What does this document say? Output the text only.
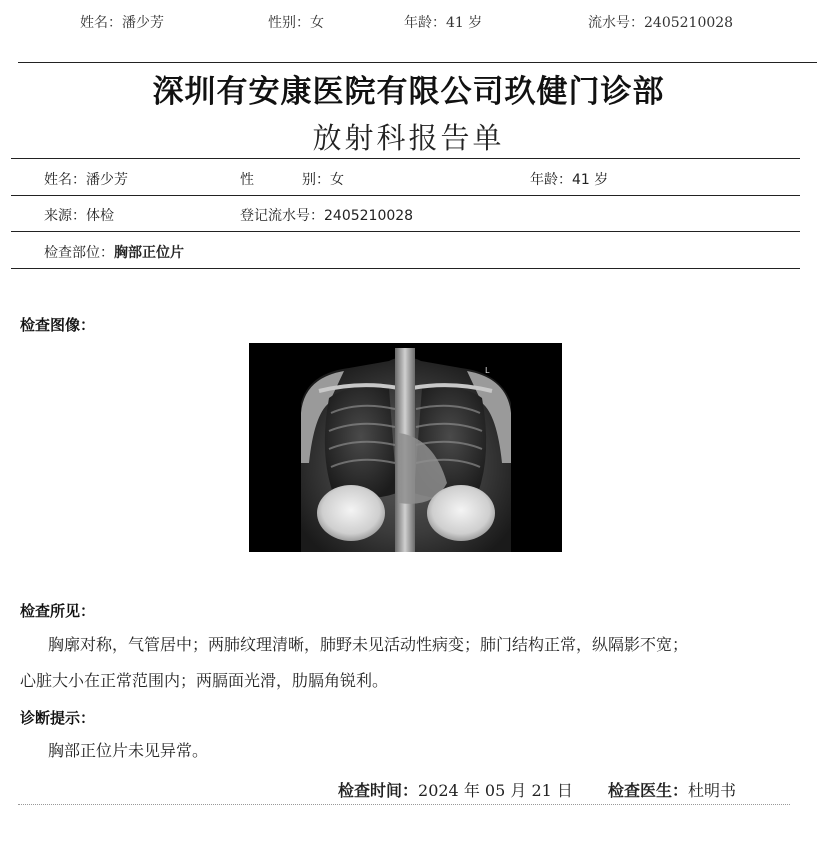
姓名：潘少芳	性别：女	年龄：41 岁	流水号：2405210028
深圳有安康医院有限公司玖健门诊部
放射科报告单
姓名：潘少芳	性	别：女	年龄：41 岁
来源：体检	登记流水号：2405210028
检查部位：胸部正位片
检查图像：
L
检查所见：
胸廓对称，气管居中；两肺纹理清晰，肺野未见活动性病变；肺门结构正常，纵隔影不宽；
心脏大小在正常范围内；两膈面光滑，肋膈角锐利。
诊断提示：
胸部正位片未见异常。
检查时间：2024 年 05 月 21 日 检查医生：杜明书
